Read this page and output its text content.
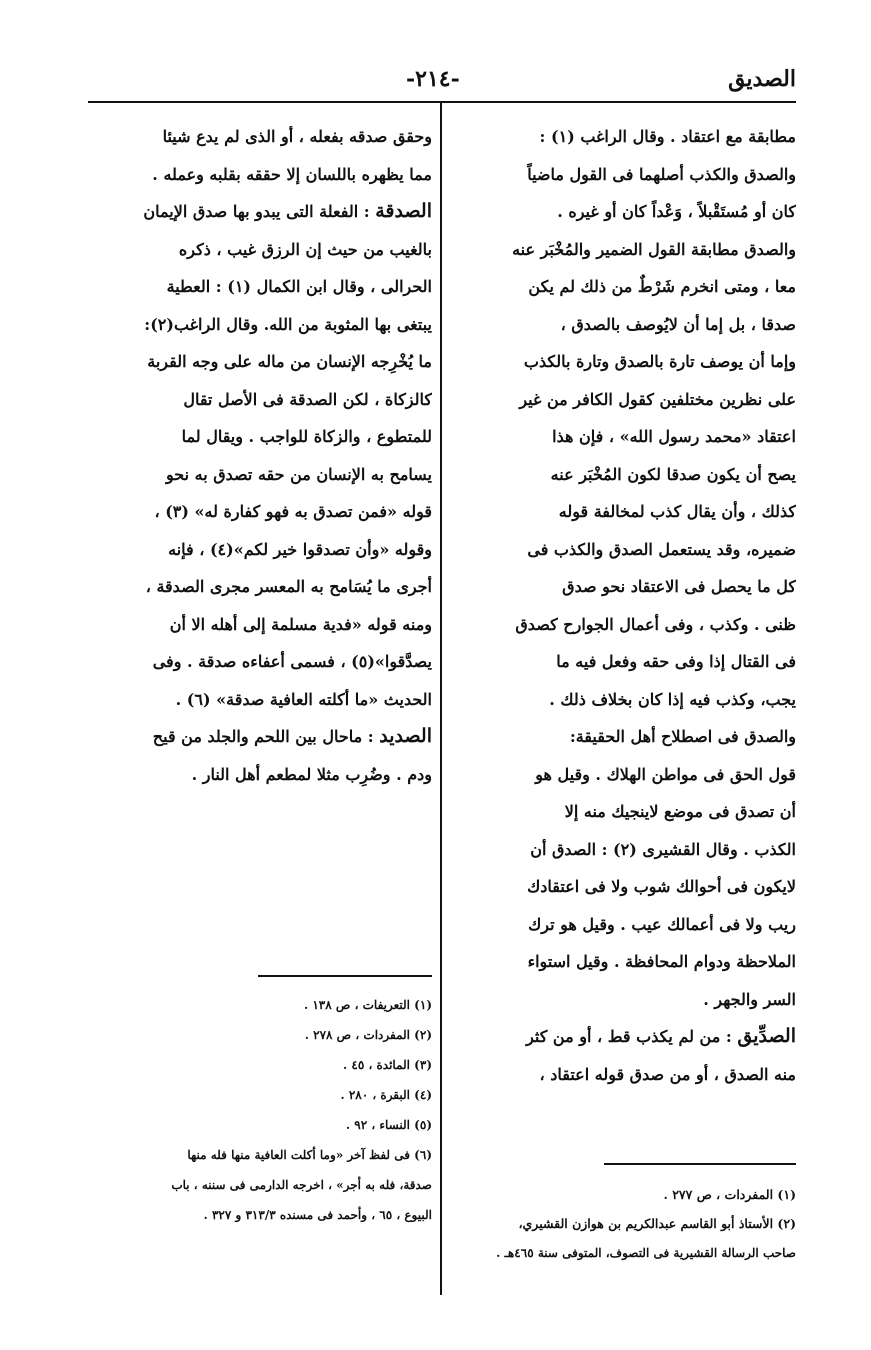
الصديق
-٢١٤-
مطابقة مع اعتقاد . وقال الراغب (١) :
والصدق والكذب أصلهما فى القول ماضياً
كان أو مُستَقْبلاً ، وَعْداً كان أو غيره .
والصدق مطابقة القول الضمير والمُخْبَر عنه
معا ، ومتى انخرم شَرْطٌ من ذلك لم يكن
صدقا ، بل إما أن لايُوصف بالصدق ،
وإما أن يوصف تارة بالصدق وتارة بالكذب
على نظرين مختلفين كقول الكافر من غير
اعتقاد «محمد رسول الله» ، فإن هذا
يصح أن يكون صدقا لكون المُخْبَر عنه
كذلك ، وأن يقال كذب لمخالفة قوله
ضميره، وقد يستعمل الصدق والكذب فى
كل ما يحصل فى الاعتقاد نحو صدق
ظنى . وكذب ، وفى أعمال الجوارح كصدق
فى القتال إذا وفى حقه وفعل فيه ما
يجب، وكذب فيه إذا كان بخلاف ذلك .
والصدق فى اصطلاح أهل الحقيقة:
قول الحق فى مواطن الهلاك . وقيل هو
أن تصدق فى موضع لاينجيك منه إلا
الكذب . وقال القشيرى (٢) : الصدق أن
لايكون فى أحوالك شوب ولا فى اعتقادك
ريب ولا فى أعمالك عيب . وقيل هو ترك
الملاحظة ودوام المحافظة . وقيل استواء
السر والجهر .
الصدِّيق : من لم يكذب قط ، أو من كثر
منه الصدق ، أو من صدق قوله اعتقاد ،
وحقق صدقه بفعله ، أو الذى لم يدع شيئا
مما يظهره باللسان إلا حققه بقلبه وعمله .
الصدقة : الفعلة التى يبدو بها صدق الإيمان
بالغيب من حيث إن الرزق غيب ، ذكره
الحرالى ، وقال ابن الكمال (١) : العطية
يبتغى بها المثوبة من الله. وقال الراغب(٢):
ما يُخْرِجه الإنسان من ماله على وجه القربة
كالزكاة ، لكن الصدقة فى الأصل تقال
للمتطوع ، والزكاة للواجب . ويقال لما
يسامح به الإنسان من حقه تصدق به نحو
قوله «فمن تصدق به فهو كفارة له» (٣) ،
وقوله «وأن تصدقوا خير لكم»(٤) ، فإنه
أجرى ما يُسَامح به المعسر مجرى الصدقة ،
ومنه قوله «فدية مسلمة إلى أهله الا أن
يصدَّقوا»(٥) ، فسمى أعفاءه صدقة . وفى
الحديث «ما أكلته العافية صدقة» (٦) .
الصديد : ماحال بين اللحم والجلد من قيح
ودم . وضُرِب مثلا لمطعم أهل النار .
(١) المفردات ، ص ٢٧٧ .
(٢) الأستاذ أبو القاسم عبدالكريم بن هوازن القشيري،
صاحب الرسالة القشيرية فى التصوف، المتوفى سنة ٤٦٥هـ .
(١) التعريفات ، ص ١٣٨ .
(٢) المفردات ، ص ٢٧٨ .
(٣) المائدة ، ٤٥ .
(٤) البقرة ، ٢٨٠ .
(٥) النساء ، ٩٢ .
(٦) فى لفظ آخر «وما أكلت العافية منها فله منها
صدقة، فله به أجر» ، اخرجه الدارمى فى سننه ، باب
البيوع ، ٦٥ ، وأحمد فى مسنده ٣١٣/٣ و ٣٢٧ .
